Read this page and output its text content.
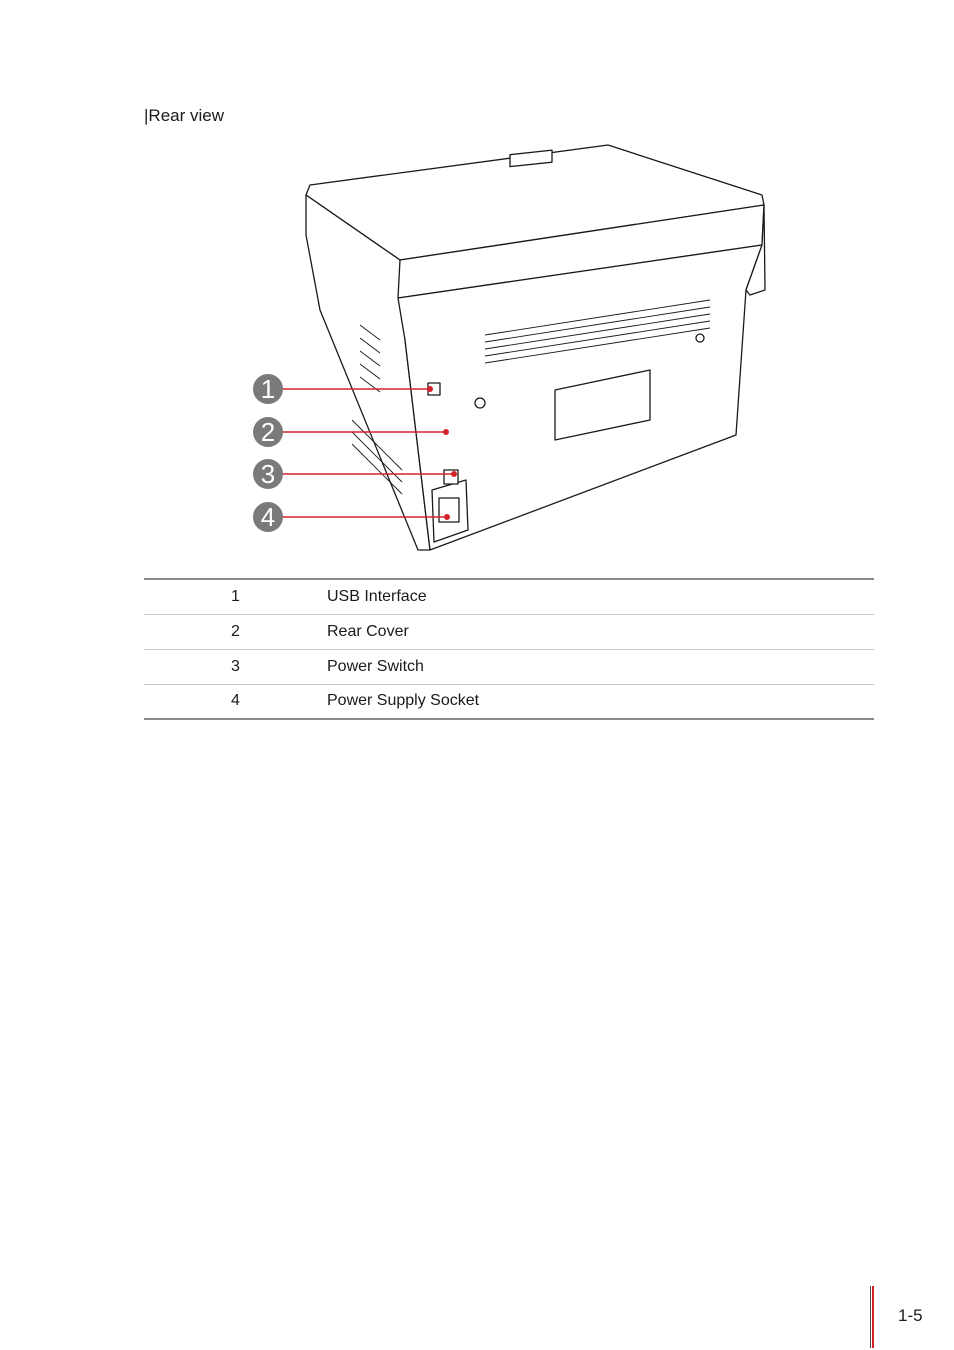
|Rear view
1
2
3
4
1	USB Interface
2	Rear Cover
3	Power Switch
4	Power Supply Socket
1-5
